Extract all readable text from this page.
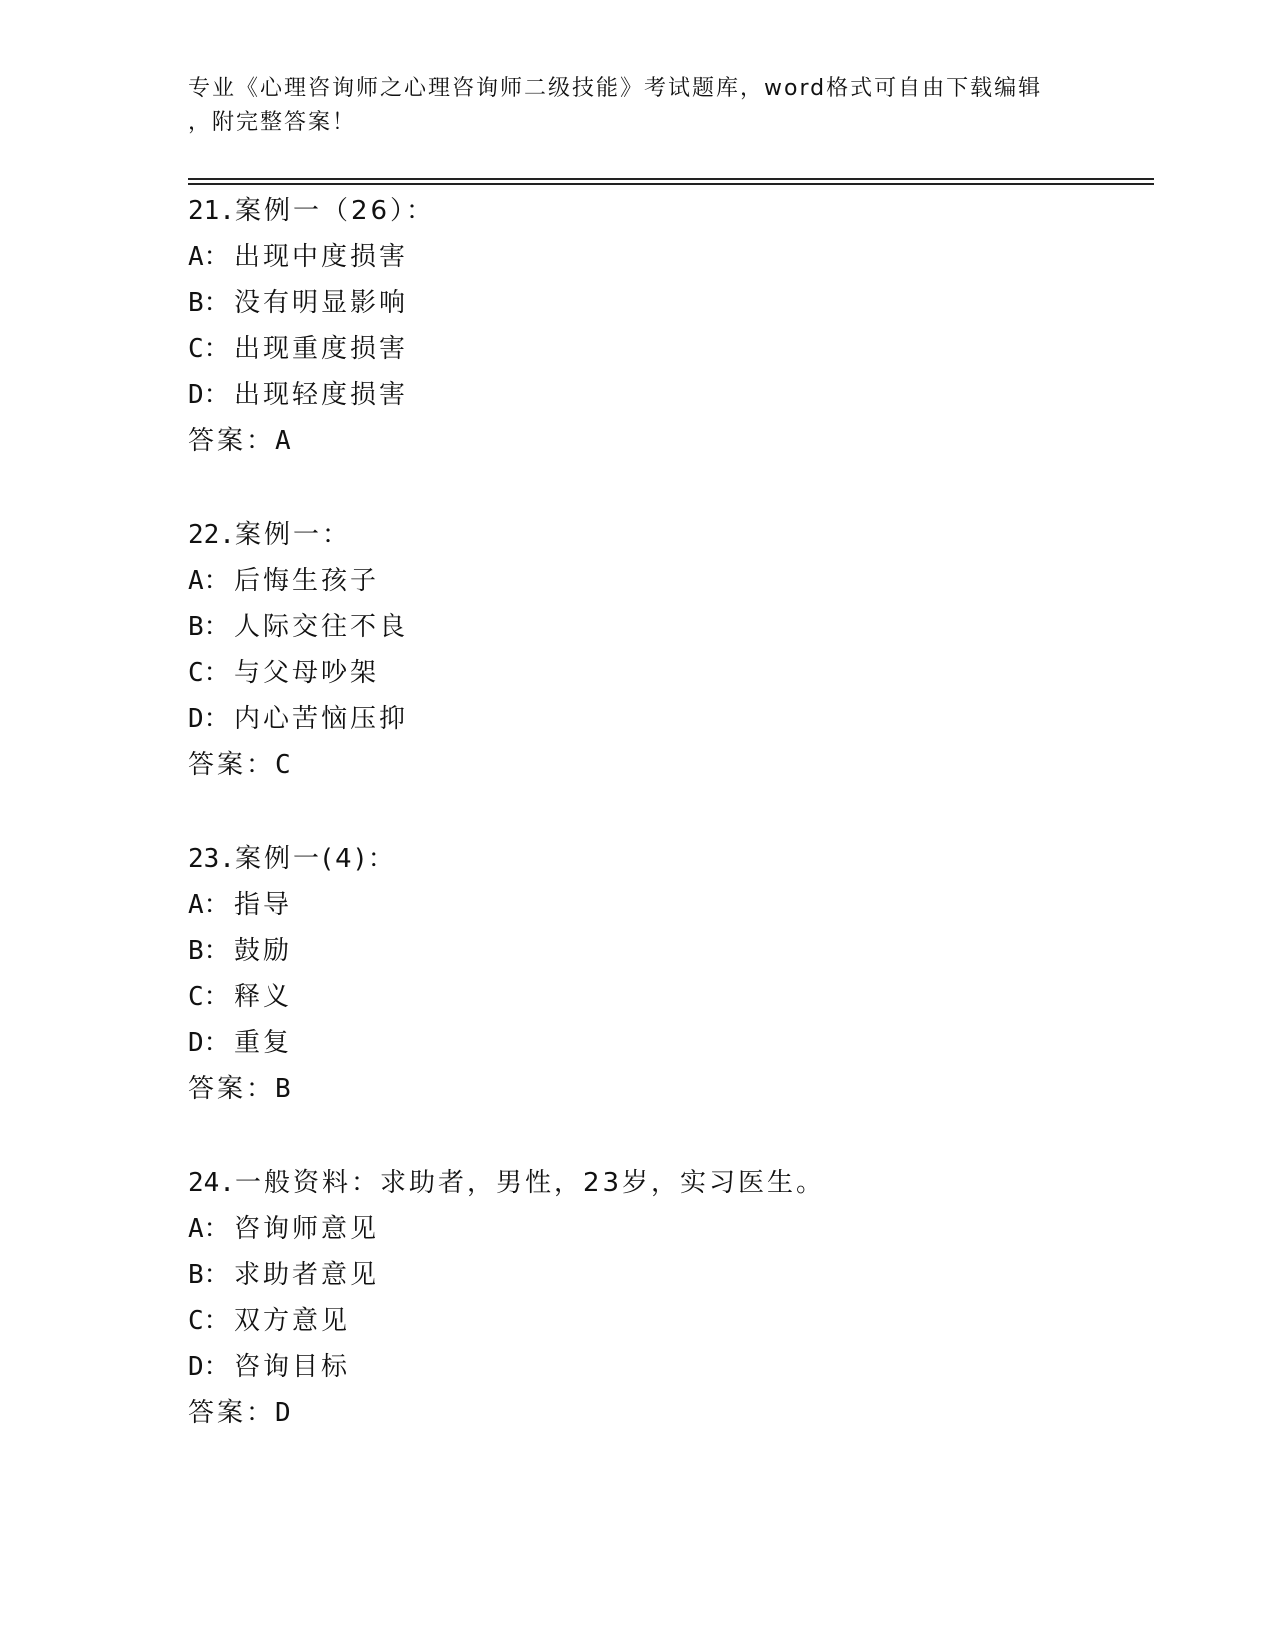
专业《心理咨询师之心理咨询师二级技能》考试题库，word格式可自由下载编辑
，附完整答案！
21.案例一（26）：
A： 出现中度损害
B： 没有明显影响
C： 出现重度损害
D： 出现轻度损害
答案：A
22.案例一：
A： 后悔生孩子
B： 人际交往不良
C： 与父母吵架
D： 内心苦恼压抑
答案：C
23.案例一(4)：
A： 指导
B： 鼓励
C： 释义
D： 重复
答案：B
24.一般资料：求助者，男性，23岁，实习医生。
A： 咨询师意见
B： 求助者意见
C： 双方意见
D： 咨询目标
答案：D
